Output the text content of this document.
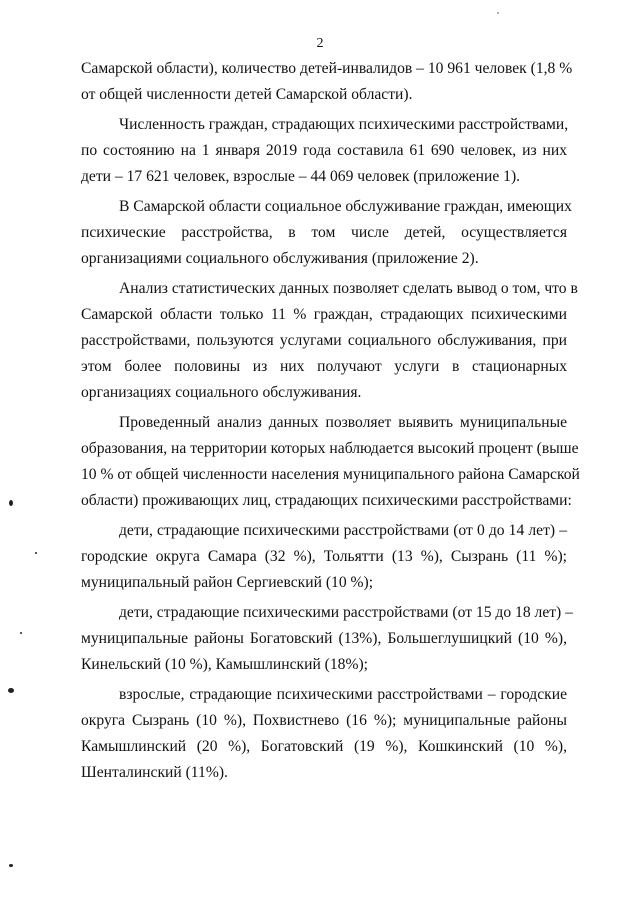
2
Самарской области), количество детей-инвалидов – 10 961 человек (1,8 %
от общей численности детей Самарской области).
Численность граждан, страдающих психическими расстройствами,
по состоянию на 1 января 2019 года составила 61 690 человек, из них
дети – 17 621 человек, взрослые – 44 069 человек (приложение 1).
В Самарской области социальное обслуживание граждан, имеющих
психические расстройства, в том числе детей, осуществляется
организациями социального обслуживания (приложение 2).
Анализ статистических данных позволяет сделать вывод о том, что в
Самарской области только 11 % граждан, страдающих психическими
расстройствами, пользуются услугами социального обслуживания, при
этом более половины из них получают услуги в стационарных
организациях социального обслуживания.
Проведенный анализ данных позволяет выявить муниципальные
образования, на территории которых наблюдается высокий процент (выше
10 % от общей численности населения муниципального района Самарской
области) проживающих лиц, страдающих психическими расстройствами:
дети, страдающие психическими расстройствами (от 0 до 14 лет) –
городские округа Самара (32 %), Тольятти (13 %), Сызрань (11 %);
муниципальный район Сергиевский (10 %);
дети, страдающие психическими расстройствами (от 15 до 18 лет) –
муниципальные районы Богатовский (13%), Большеглушицкий (10 %),
Кинельский (10 %), Камышлинский (18%);
взрослые, страдающие психическими расстройствами – городские
округа Сызрань (10 %), Похвистнево (16 %); муниципальные районы
Камышлинский (20 %), Богатовский (19 %), Кошкинский (10 %),
Шенталинский (11%).
